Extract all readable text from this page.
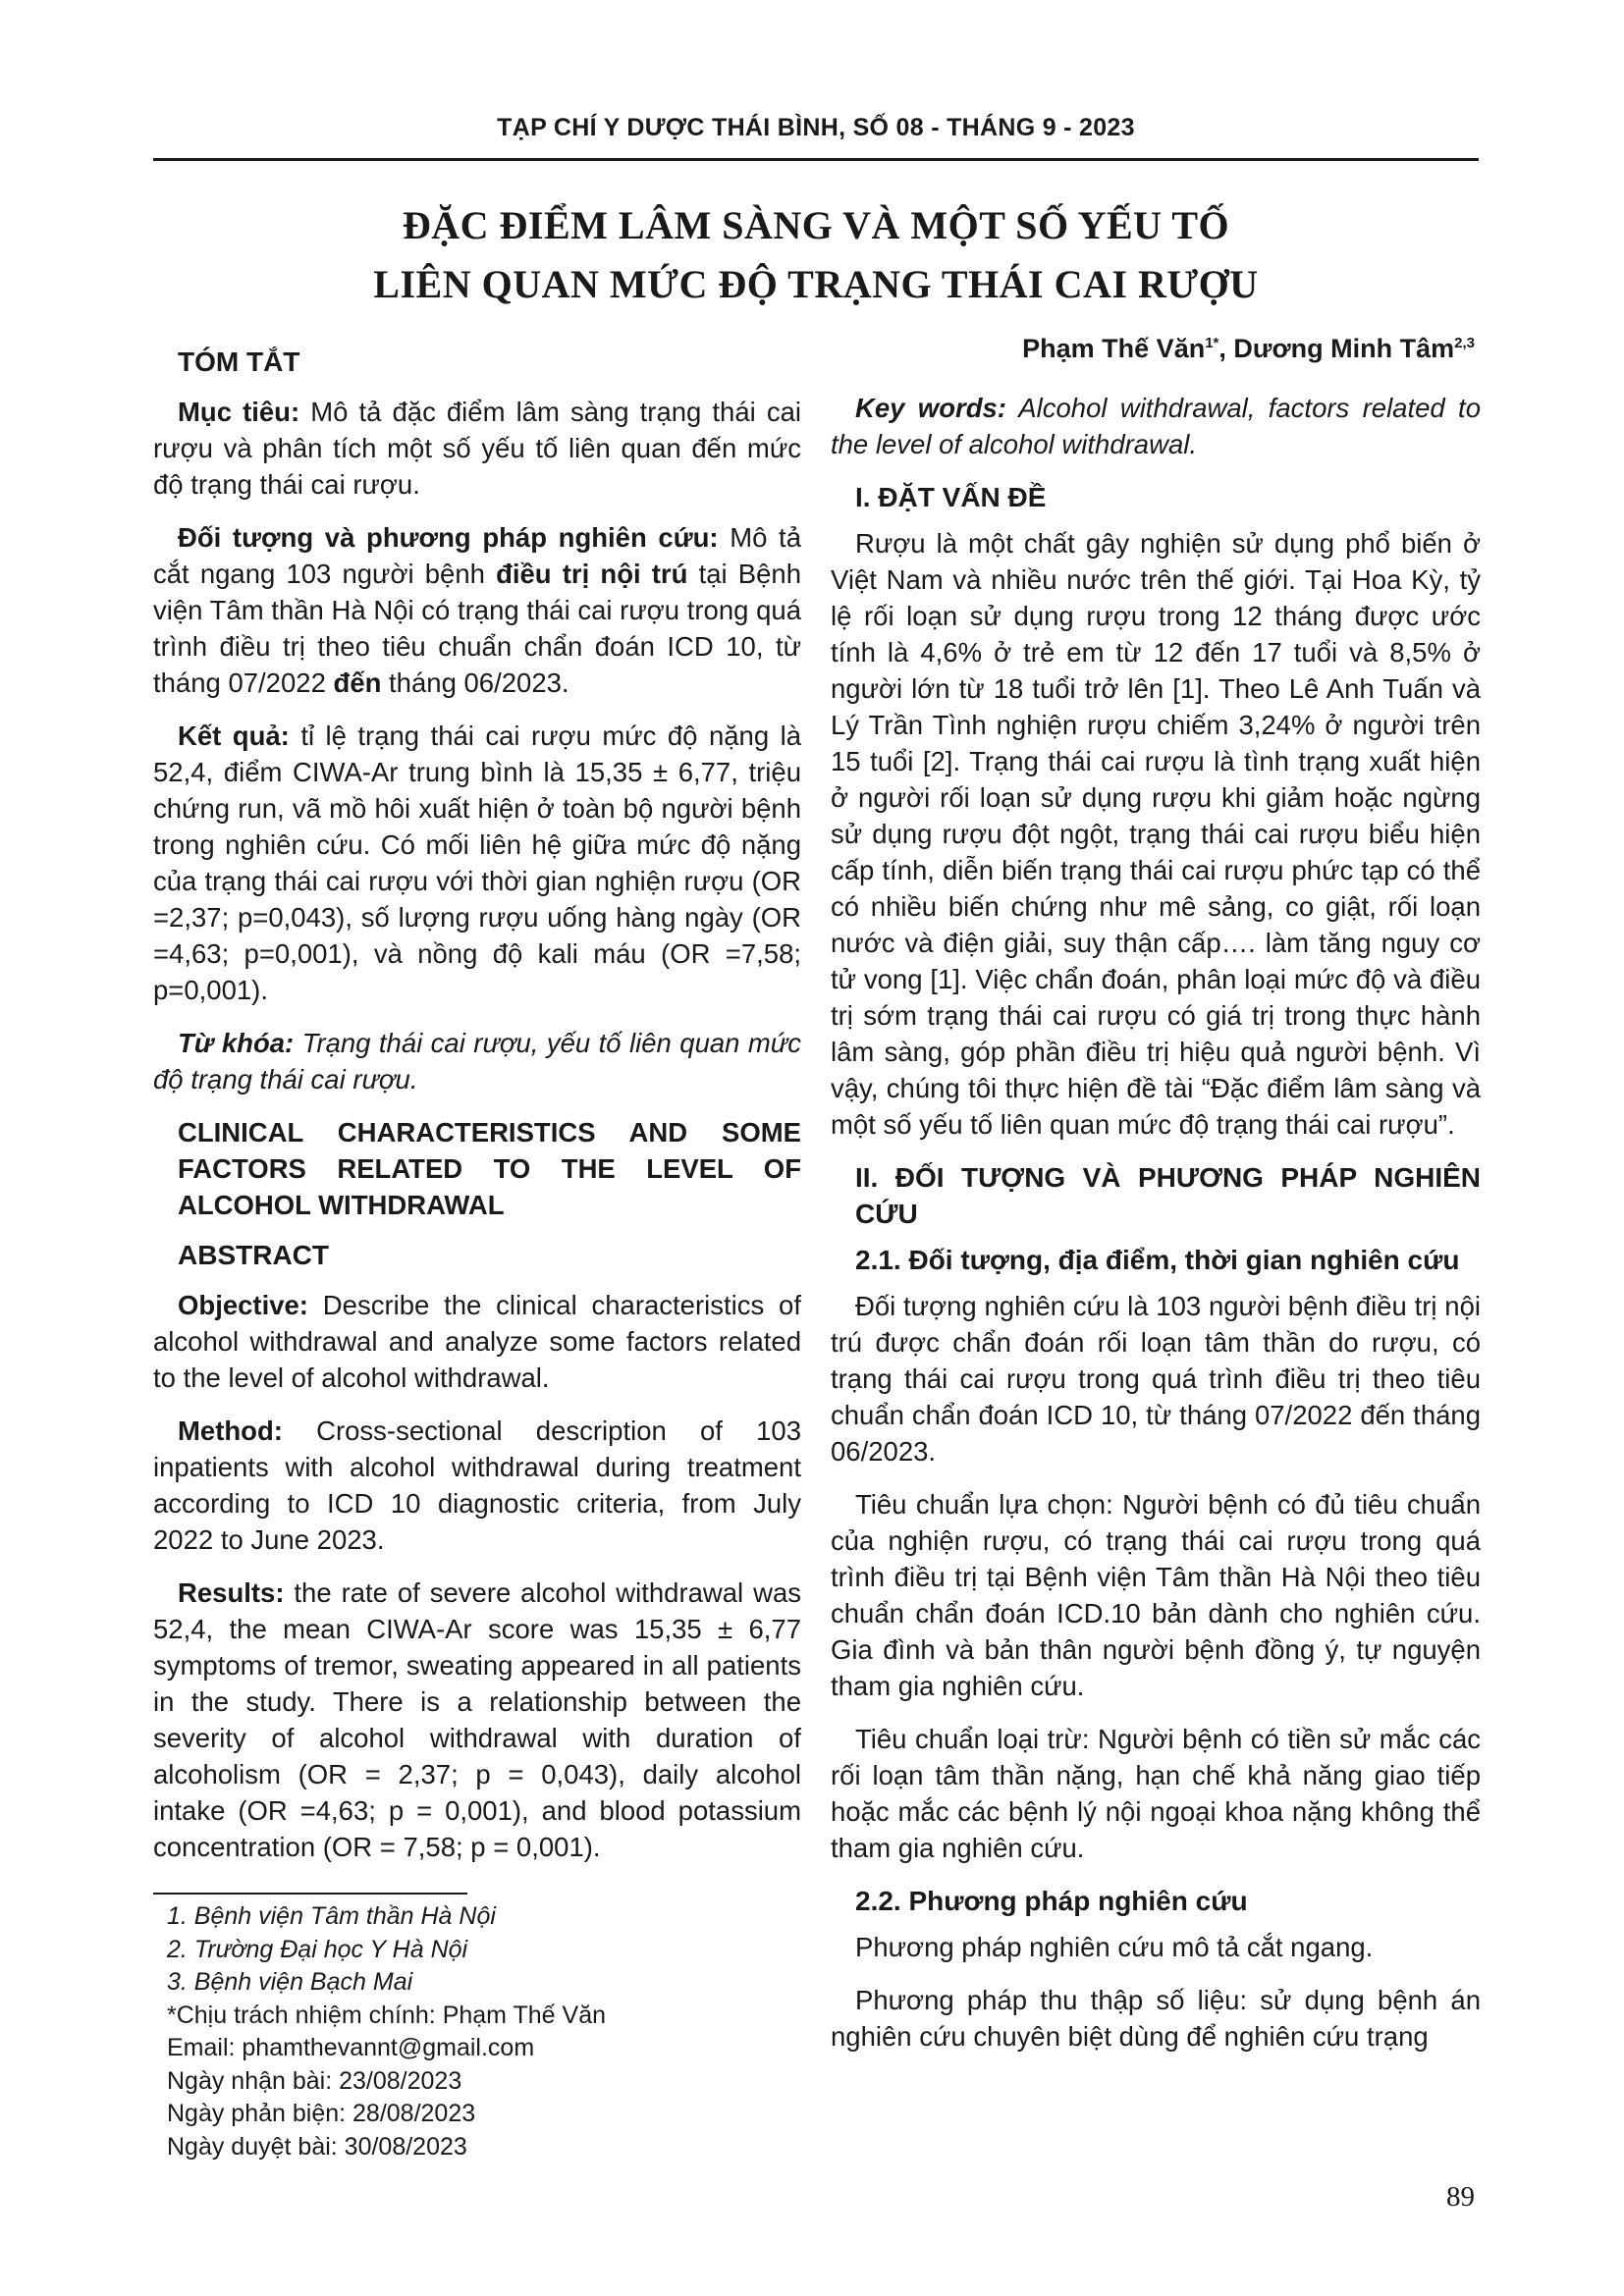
TẠP CHÍ Y DƯỢC THÁI BÌNH, SỐ 08 - THÁNG 9 - 2023
ĐẶC ĐIỂM LÂM SÀNG VÀ MỘT SỐ YẾU TỐ
LIÊN QUAN MỨC ĐỘ TRẠNG THÁI CAI RƯỢU
Phạm Thế Văn$^{1*}$, Dương Minh Tâm$^{2,3}$
TÓM TẮT

Mục tiêu: Mô tả đặc điểm lâm sàng trạng thái cai rượu và phân tích một số yếu tố liên quan đến mức độ trạng thái cai rượu.

Đối tượng và phương pháp nghiên cứu: Mô tả cắt ngang 103 người bệnh điều trị nội trú tại Bệnh viện Tâm thần Hà Nội có trạng thái cai rượu trong quá trình điều trị theo tiêu chuẩn chẩn đoán ICD 10, từ tháng 07/2022 đến tháng 06/2023.

Kết quả: tỉ lệ trạng thái cai rượu mức độ nặng là 52,4, điểm CIWA-Ar trung bình là 15,35 ± 6,77, triệu chứng run, vã mồ hôi xuất hiện ở toàn bộ người bệnh trong nghiên cứu. Có mối liên hệ giữa mức độ nặng của trạng thái cai rượu với thời gian nghiện rượu (OR =2,37; p=0,043), số lượng rượu uống hàng ngày (OR =4,63; p=0,001), và nồng độ kali máu (OR =7,58; p=0,001).

Từ khóa: Trạng thái cai rượu, yếu tố liên quan mức độ trạng thái cai rượu.

CLINICAL CHARACTERISTICS AND SOME FACTORS RELATED TO THE LEVEL OF ALCOHOL WITHDRAWAL
ABSTRACT

Objective: Describe the clinical characteristics of alcohol withdrawal and analyze some factors related to the level of alcohol withdrawal.

Method: Cross-sectional description of 103 inpatients with alcohol withdrawal during treatment according to ICD 10 diagnostic criteria, from July 2022 to June 2023.

Results: the rate of severe alcohol withdrawal was 52,4, the mean CIWA-Ar score was 15,35 ± 6,77 symptoms of tremor, sweating appeared in all patients in the study. There is a relationship between the severity of alcohol withdrawal with duration of alcoholism (OR = 2,37; p = 0,043), daily alcohol intake (OR =4,63; p = 0,001), and blood potassium concentration (OR = 7,58; p = 0,001).

Key words: Alcohol withdrawal, factors related to the level of alcohol withdrawal.

I. ĐẶT VẤN ĐỀ

Rượu là một chất gây nghiện sử dụng phổ biến ở Việt Nam và nhiều nước trên thế giới. Tại Hoa Kỳ, tỷ lệ rối loạn sử dụng rượu trong 12 tháng được ước tính là 4,6% ở trẻ em từ 12 đến 17 tuổi và 8,5% ở người lớn từ 18 tuổi trở lên [1]. Theo Lê Anh Tuấn và Lý Trần Tình nghiện rượu chiếm 3,24% ở người trên 15 tuổi [2]. Trạng thái cai rượu là tình trạng xuất hiện ở người rối loạn sử dụng rượu khi giảm hoặc ngừng sử dụng rượu đột ngột, trạng thái cai rượu biểu hiện cấp tính, diễn biến trạng thái cai rượu phức tạp có thể có nhiều biến chứng như mê sảng, co giật, rối loạn nước và điện giải, suy thận cấp…. làm tăng nguy cơ tử vong [1]. Việc chẩn đoán, phân loại mức độ và điều trị sớm trạng thái cai rượu có giá trị trong thực hành lâm sàng, góp phần điều trị hiệu quả người bệnh. Vì vậy, chúng tôi thực hiện đề tài “Đặc điểm lâm sàng và một số yếu tố liên quan mức độ trạng thái cai rượu”.

II. ĐỐI TƯỢNG VÀ PHƯƠNG PHÁP NGHIÊN CỨU
2.1. Đối tượng, địa điểm, thời gian nghiên cứu

Đối tượng nghiên cứu là 103 người bệnh điều trị nội trú được chẩn đoán rối loạn tâm thần do rượu, có trạng thái cai rượu trong quá trình điều trị theo tiêu chuẩn chẩn đoán ICD 10, từ tháng 07/2022 đến tháng 06/2023.

Tiêu chuẩn lựa chọn: Người bệnh có đủ tiêu chuẩn của nghiện rượu, có trạng thái cai rượu trong quá trình điều trị tại Bệnh viện Tâm thần Hà Nội theo tiêu chuẩn chẩn đoán ICD.10 bản dành cho nghiên cứu. Gia đình và bản thân người bệnh đồng ý, tự nguyện tham gia nghiên cứu.

Tiêu chuẩn loại trừ: Người bệnh có tiền sử mắc các rối loạn tâm thần nặng, hạn chế khả năng giao tiếp hoặc mắc các bệnh lý nội ngoại khoa nặng không thể tham gia nghiên cứu.

2.2. Phương pháp nghiên cứu

Phương pháp nghiên cứu mô tả cắt ngang.

Phương pháp thu thập số liệu: sử dụng bệnh án nghiên cứu chuyên biệt dùng để nghiên cứu trạng

1. Bệnh viện Tâm thần Hà Nội
2. Trường Đại học Y Hà Nội
3. Bệnh viện Bạch Mai
*Chịu trách nhiệm chính: Phạm Thế Văn
Email: phamthevannt@gmail.com
Ngày nhận bài: 23/08/2023
Ngày phản biện: 28/08/2023
Ngày duyệt bài: 30/08/2023
89
